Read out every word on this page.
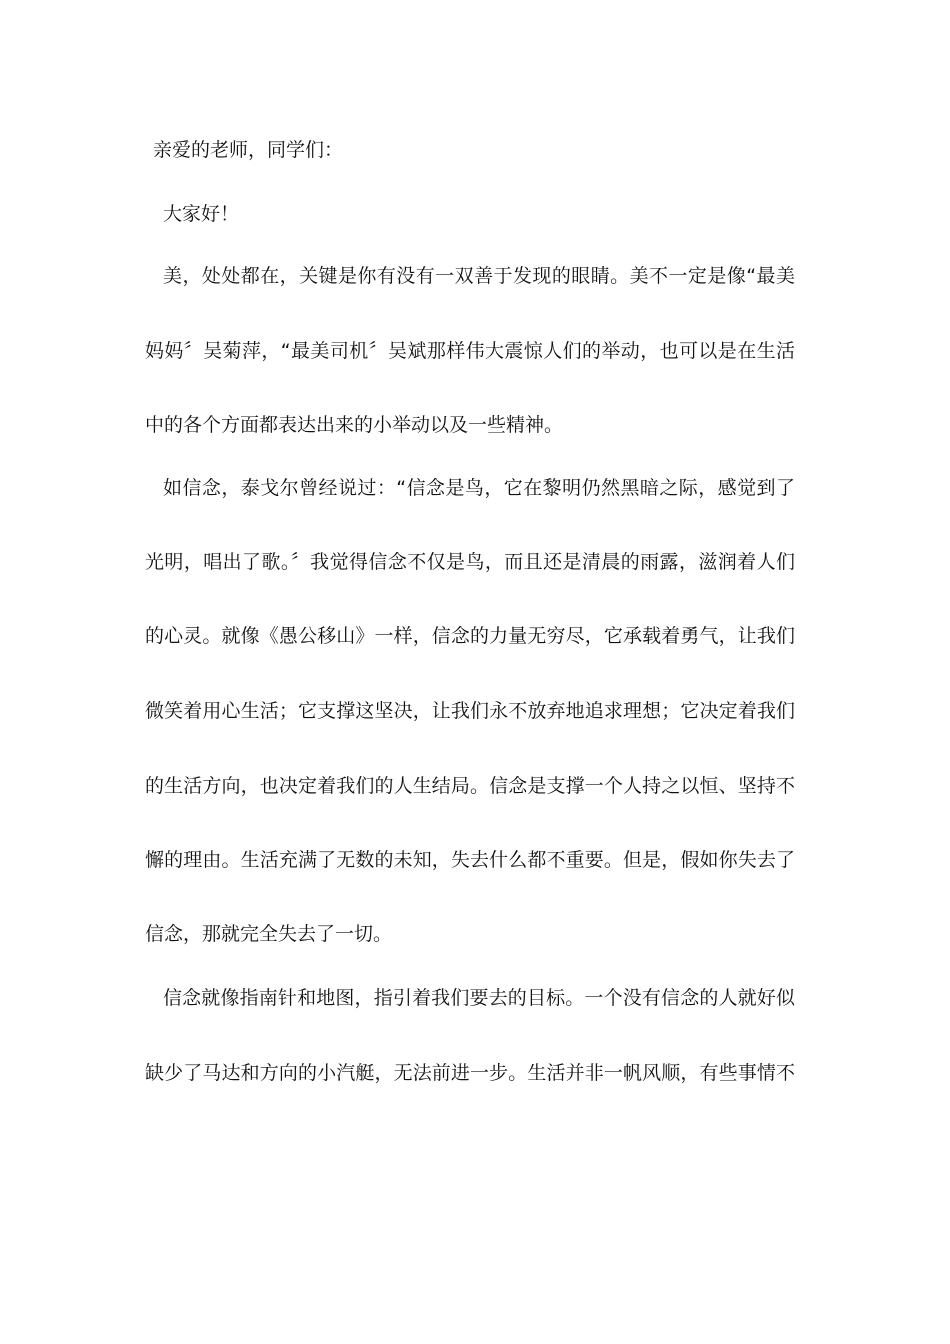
亲爱的老师，同学们：
大家好！
美，处处都在，关键是你有没有一双善于发现的眼睛。美不一定是像“最美
妈妈〞吴菊萍，“最美司机〞吴斌那样伟大震惊人们的举动，也可以是在生活
中的各个方面都表达出来的小举动以及一些精神。
如信念，泰戈尔曾经说过：“信念是鸟，它在黎明仍然黑暗之际，感觉到了
光明，唱出了歌。〞我觉得信念不仅是鸟，而且还是清晨的雨露，滋润着人们
的心灵。就像《愚公移山》一样，信念的力量无穷尽，它承载着勇气，让我们
微笑着用心生活；它支撑这坚决，让我们永不放弃地追求理想；它决定着我们
的生活方向，也决定着我们的人生结局。信念是支撑一个人持之以恒、坚持不
懈的理由。生活充满了无数的未知，失去什么都不重要。但是，假如你失去了
信念，那就完全失去了一切。
信念就像指南针和地图，指引着我们要去的目标。一个没有信念的人就好似
缺少了马达和方向的小汽艇，无法前进一步。生活并非一帆风顺，有些事情不
